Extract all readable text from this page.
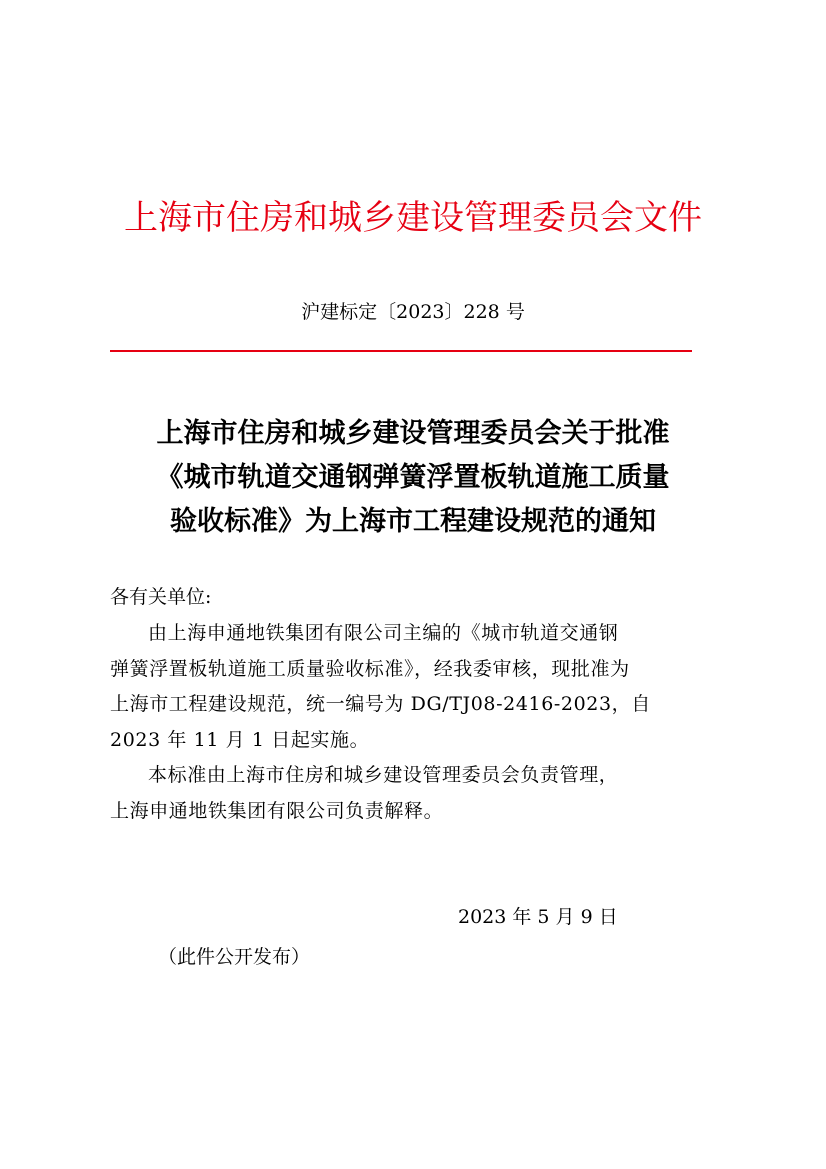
上海市住房和城乡建设管理委员会文件
沪建标定〔2023〕228 号
上海市住房和城乡建设管理委员会关于批准
《城市轨道交通钢弹簧浮置板轨道施工质量
验收标准》为上海市工程建设规范的通知
各有关单位:
由上海申通地铁集团有限公司主编的《城市轨道交通钢
弹簧浮置板轨道施工质量验收标准》，经我委审核，现批准为
上海市工程建设规范，统一编号为 DG/TJ08-2416-2023，自
2023 年 11 月 1 日起实施。
本标准由上海市住房和城乡建设管理委员会负责管理，
上海申通地铁集团有限公司负责解释。
2023 年 5 月 9 日
（此件公开发布）
